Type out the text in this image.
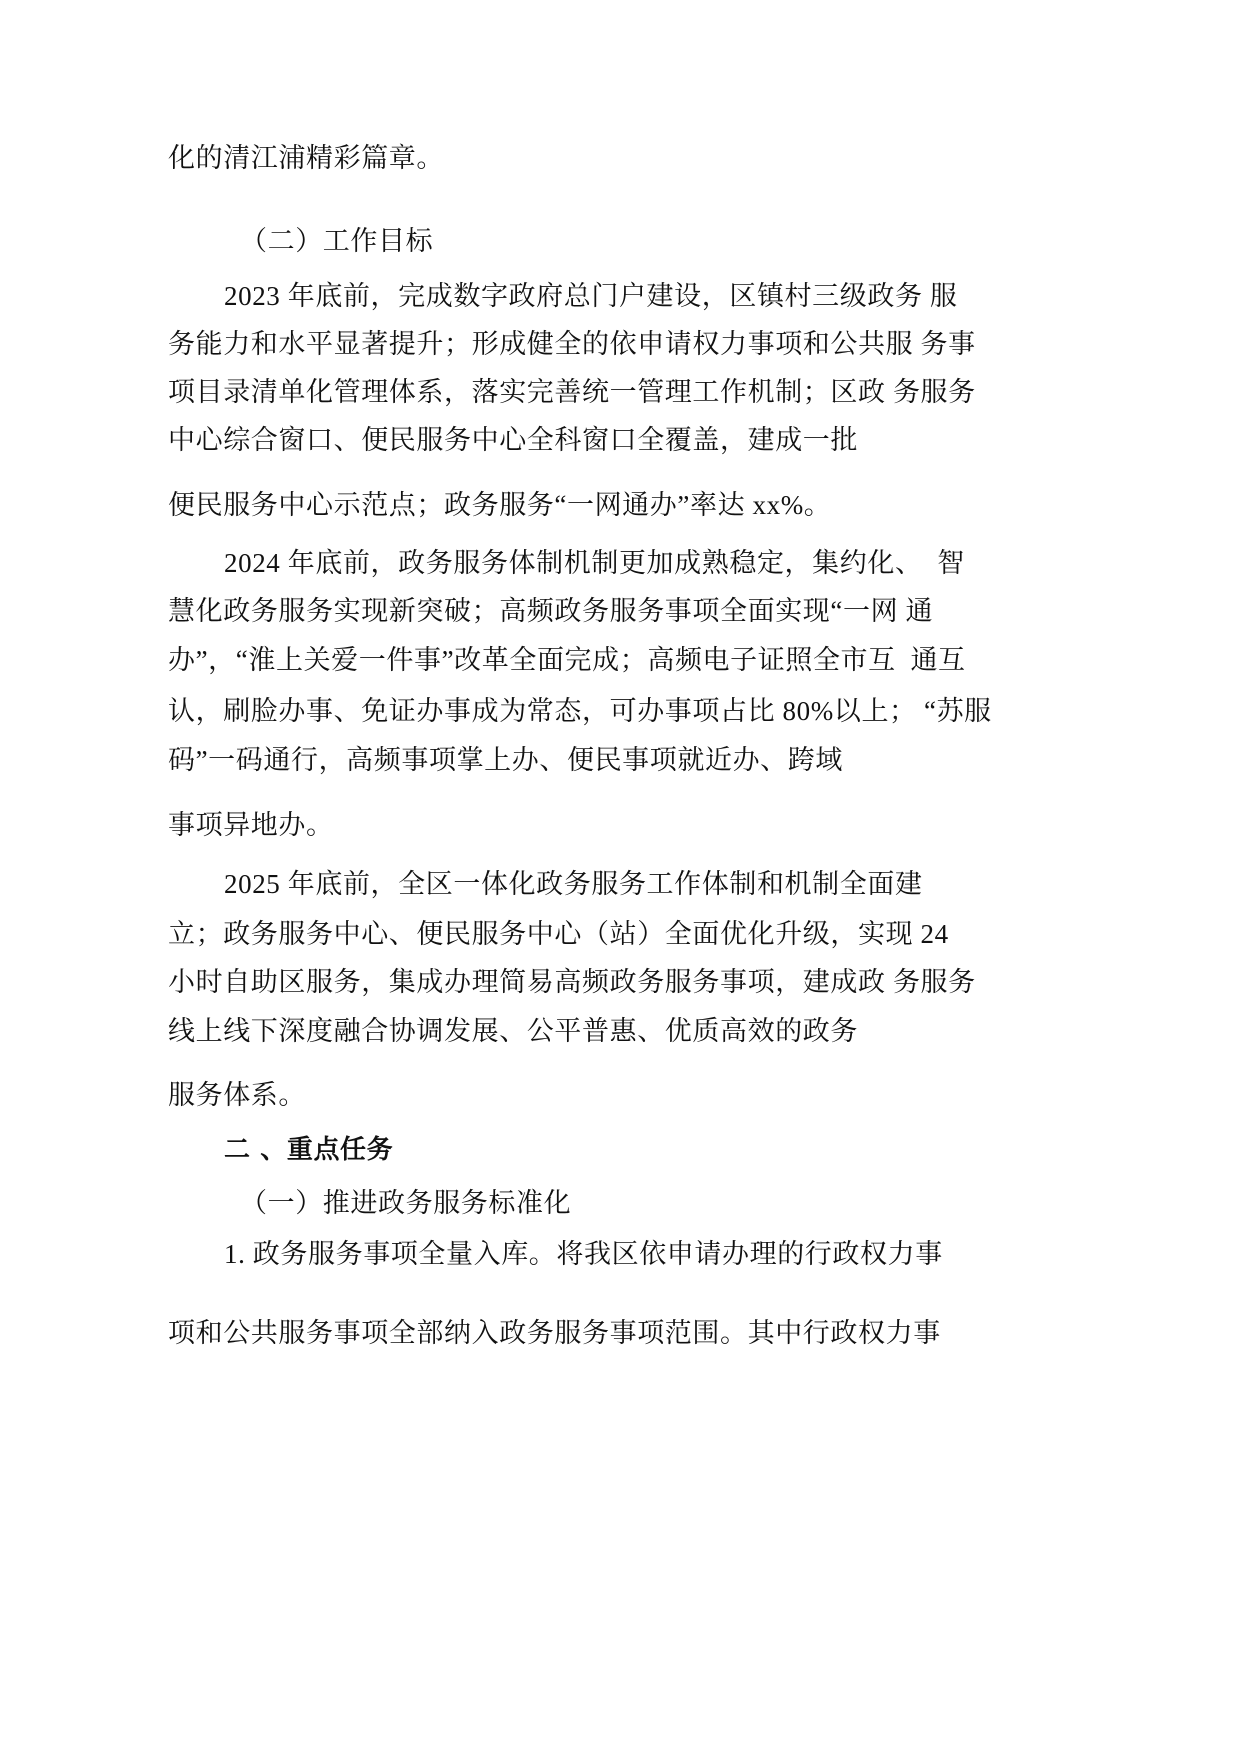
化的清江浦精彩篇章。

（二）工作目标

2023 年底前，完成数字政府总门户建设，区镇村三级政务 服

务能力和水平显著提升；形成健全的依申请权力事项和公共服 务事

项目录清单化管理体系，落实完善统一管理工作机制；区政 务服务

中心综合窗口、便民服务中心全科窗口全覆盖，建成一批

便民服务中心示范点；政务服务“一网通办”率达 xx%。

2024 年底前，政务服务体制机制更加成熟稳定，集约化、  智

慧化政务服务实现新突破；高频政务服务事项全面实现“一网 通

办”，“淮上关爱一件事”改革全面完成；高频电子证照全市互  通互

认，刷脸办事、免证办事成为常态，可办事项占比 80%以上； “苏服

码”一码通行，高频事项掌上办、便民事项就近办、跨域

事项异地办。

2025 年底前，全区一体化政务服务工作体制和机制全面建

立；政务服务中心、便民服务中心（站）全面优化升级，实现 24

小时自助区服务，集成办理简易高频政务服务事项，建成政 务服务

线上线下深度融合协调发展、公平普惠、优质高效的政务

服务体系。

二 、重点任务

（一）推进政务服务标准化

1. 政务服务事项全量入库。将我区依申请办理的行政权力事

项和公共服务事项全部纳入政务服务事项范围。其中行政权力事
